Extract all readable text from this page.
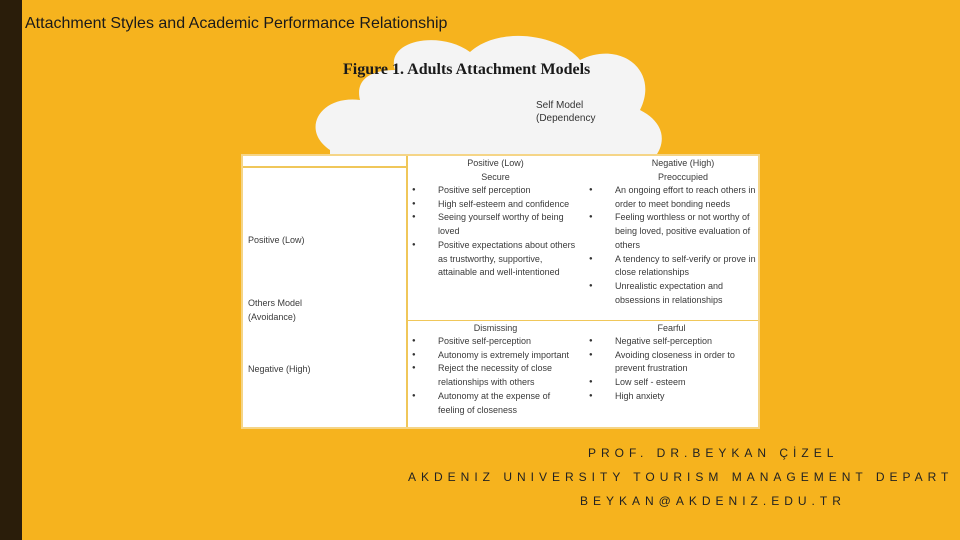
Attachment Styles and Academic Performance Relationship
Figure 1. Adults Attachment Models
Self Model
(Dependency
Positive (Low)
Others Model
(Avoidance)
Negative (High)
Positive (Low)
Secure
● Positive self perception
● High self-esteem and confidence
● Seeing yourself worthy of being loved
● Positive expectations about others as trustworthy, supportive, attainable and well-intentioned
Negative (High)
Preoccupied
● An ongoing effort to reach others in order to meet bonding needs
● Feeling worthless or not worthy of being loved, positive evaluation of others
● A tendency to self-verify or prove in close relationships
● Unrealistic expectation and obsessions in relationships
Dismissing
● Positive self-perception
● Autonomy is extremely important
● Reject the necessity of close relationships with others
● Autonomy at the expense of feeling of closeness
Fearful
● Negative self-perception
● Avoiding closeness in order to prevent frustration
● Low self - esteem
● High anxiety
PROF. DR.BEYKAN ÇİZEL
AKDENIZ UNIVERSITY TOURISM MANAGEMENT DEPART
BEYKAN@AKDENIZ.EDU.TR
